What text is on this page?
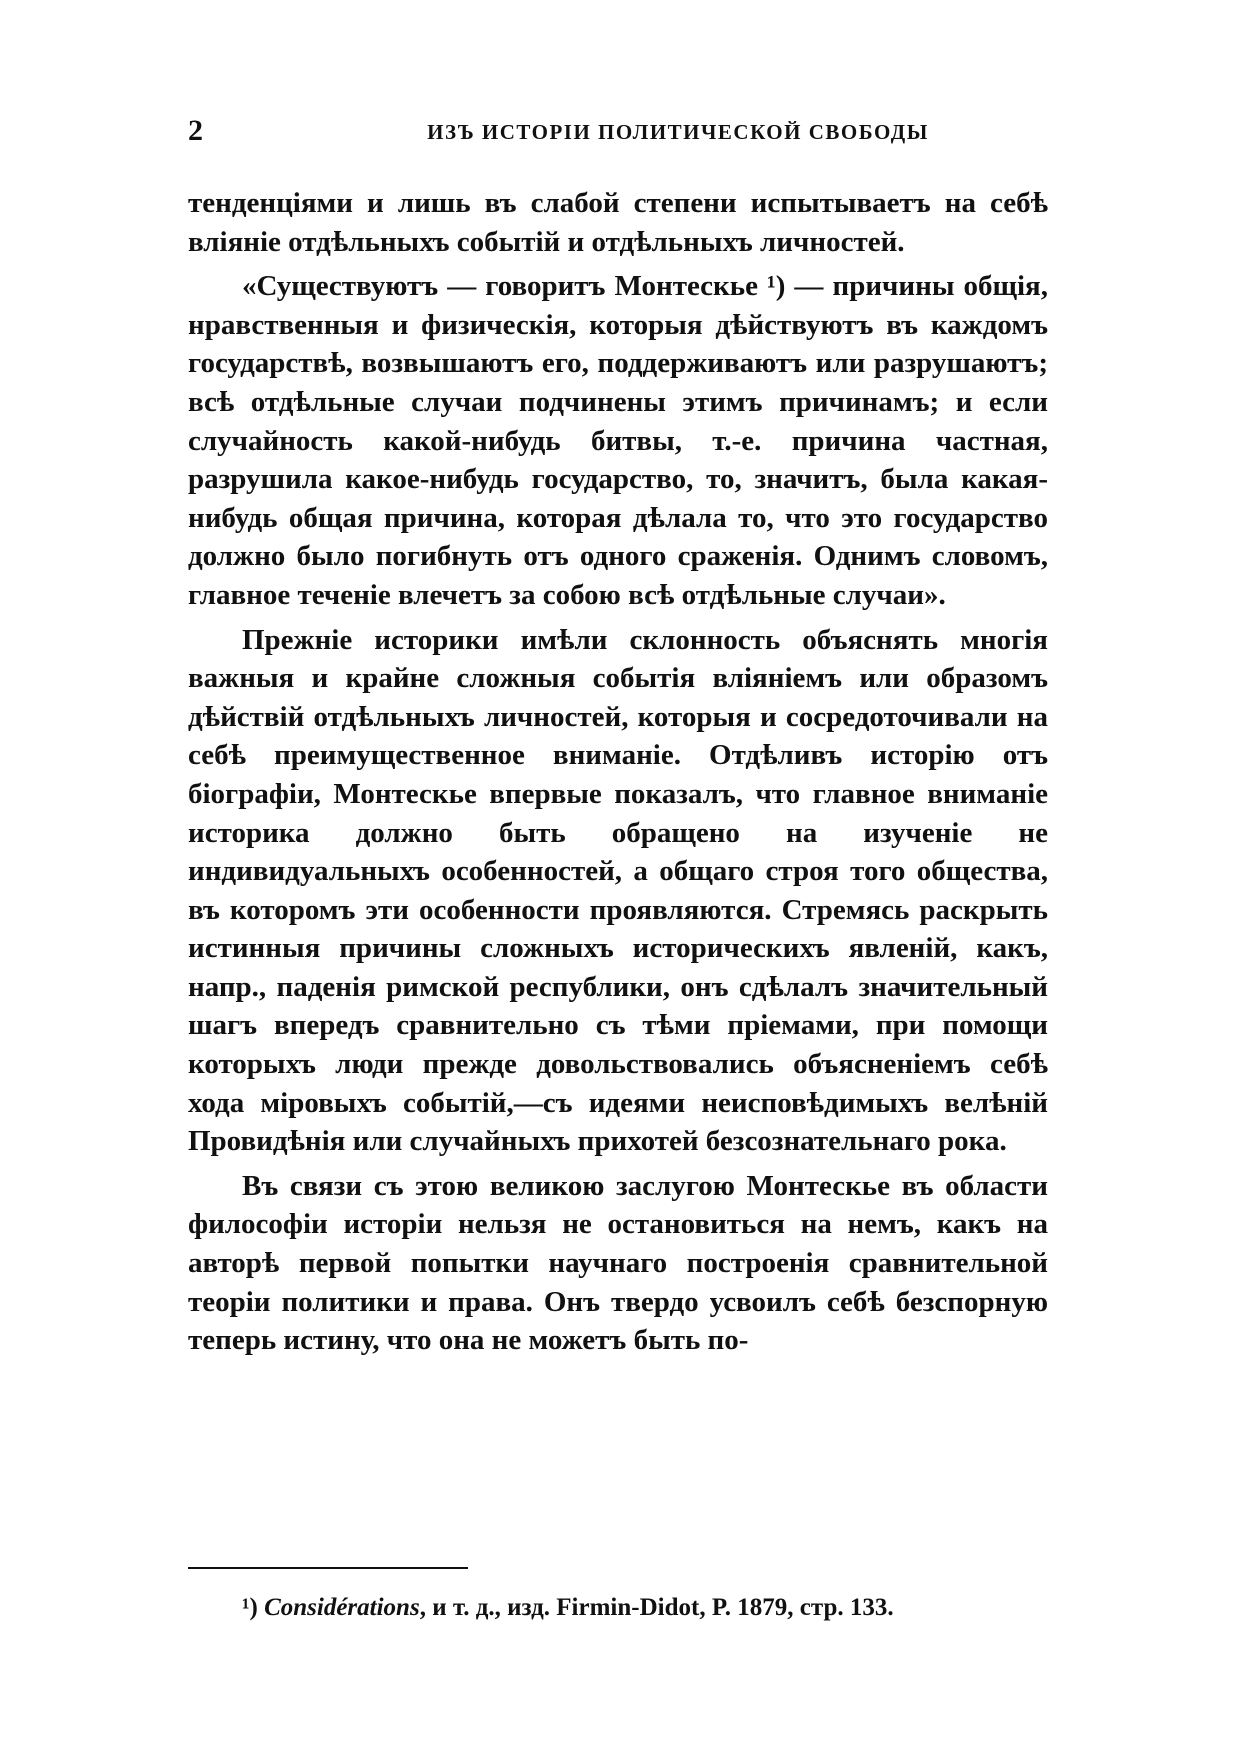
2	ИЗЪ ИСТОРІИ ПОЛИТИЧЕСКОЙ СВОБОДЫ

тенденціями и лишь въ слабой степени испытываетъ на себѣ вліяніе отдѣльныхъ событій и отдѣльныхъ личностей.

«Существуютъ — говоритъ Монтескье ¹) — причины общія, нравственныя и физическія, которыя дѣйствуютъ въ каждомъ государствѣ, возвышаютъ его, поддерживаютъ или разрушаютъ; всѣ отдѣльные случаи подчинены этимъ причинамъ; и если случайность какой-нибудь битвы, т.-е. причина частная, разрушила какое-нибудь государство, то, значитъ, была какая-нибудь общая причина, которая дѣлала то, что это государство должно было погибнуть отъ одного сраженія. Однимъ словомъ, главное теченіе влечетъ за собою всѣ отдѣльные случаи».

Прежніе историки имѣли склонность объяснять многія важныя и крайне сложныя событія вліяніемъ или образомъ дѣйствій отдѣльныхъ личностей, которыя и сосредоточивали на себѣ преимущественное вниманіе. Отдѣливъ исторію отъ біографіи, Монтескье впервые показалъ, что главное вниманіе историка должно быть обращено на изученіе не индивидуальныхъ особенностей, а общаго строя того общества, въ которомъ эти особенности проявляются. Стремясь раскрыть истинныя причины сложныхъ историческихъ явленій, какъ, напр., паденія римской республики, онъ сдѣлалъ значительный шагъ впередъ сравнительно съ тѣми пріемами, при помощи которыхъ люди прежде довольствовались объясненіемъ себѣ хода міровыхъ событій,—съ идеями неисповѣдимыхъ велѣній Провидѣнія или случайныхъ прихотей безсознательнаго рока.

Въ связи съ этою великою заслугою Монтескье въ области философіи исторіи нельзя не остановиться на немъ, какъ на авторѣ первой попытки научнаго построенія сравнительной теоріи политики и права. Онъ твердо усвоилъ себѣ безспорную теперь истину, что она не можетъ быть по-

¹) Considérations, и т. д., изд. Firmin-Didot, P. 1879, стр. 133.
